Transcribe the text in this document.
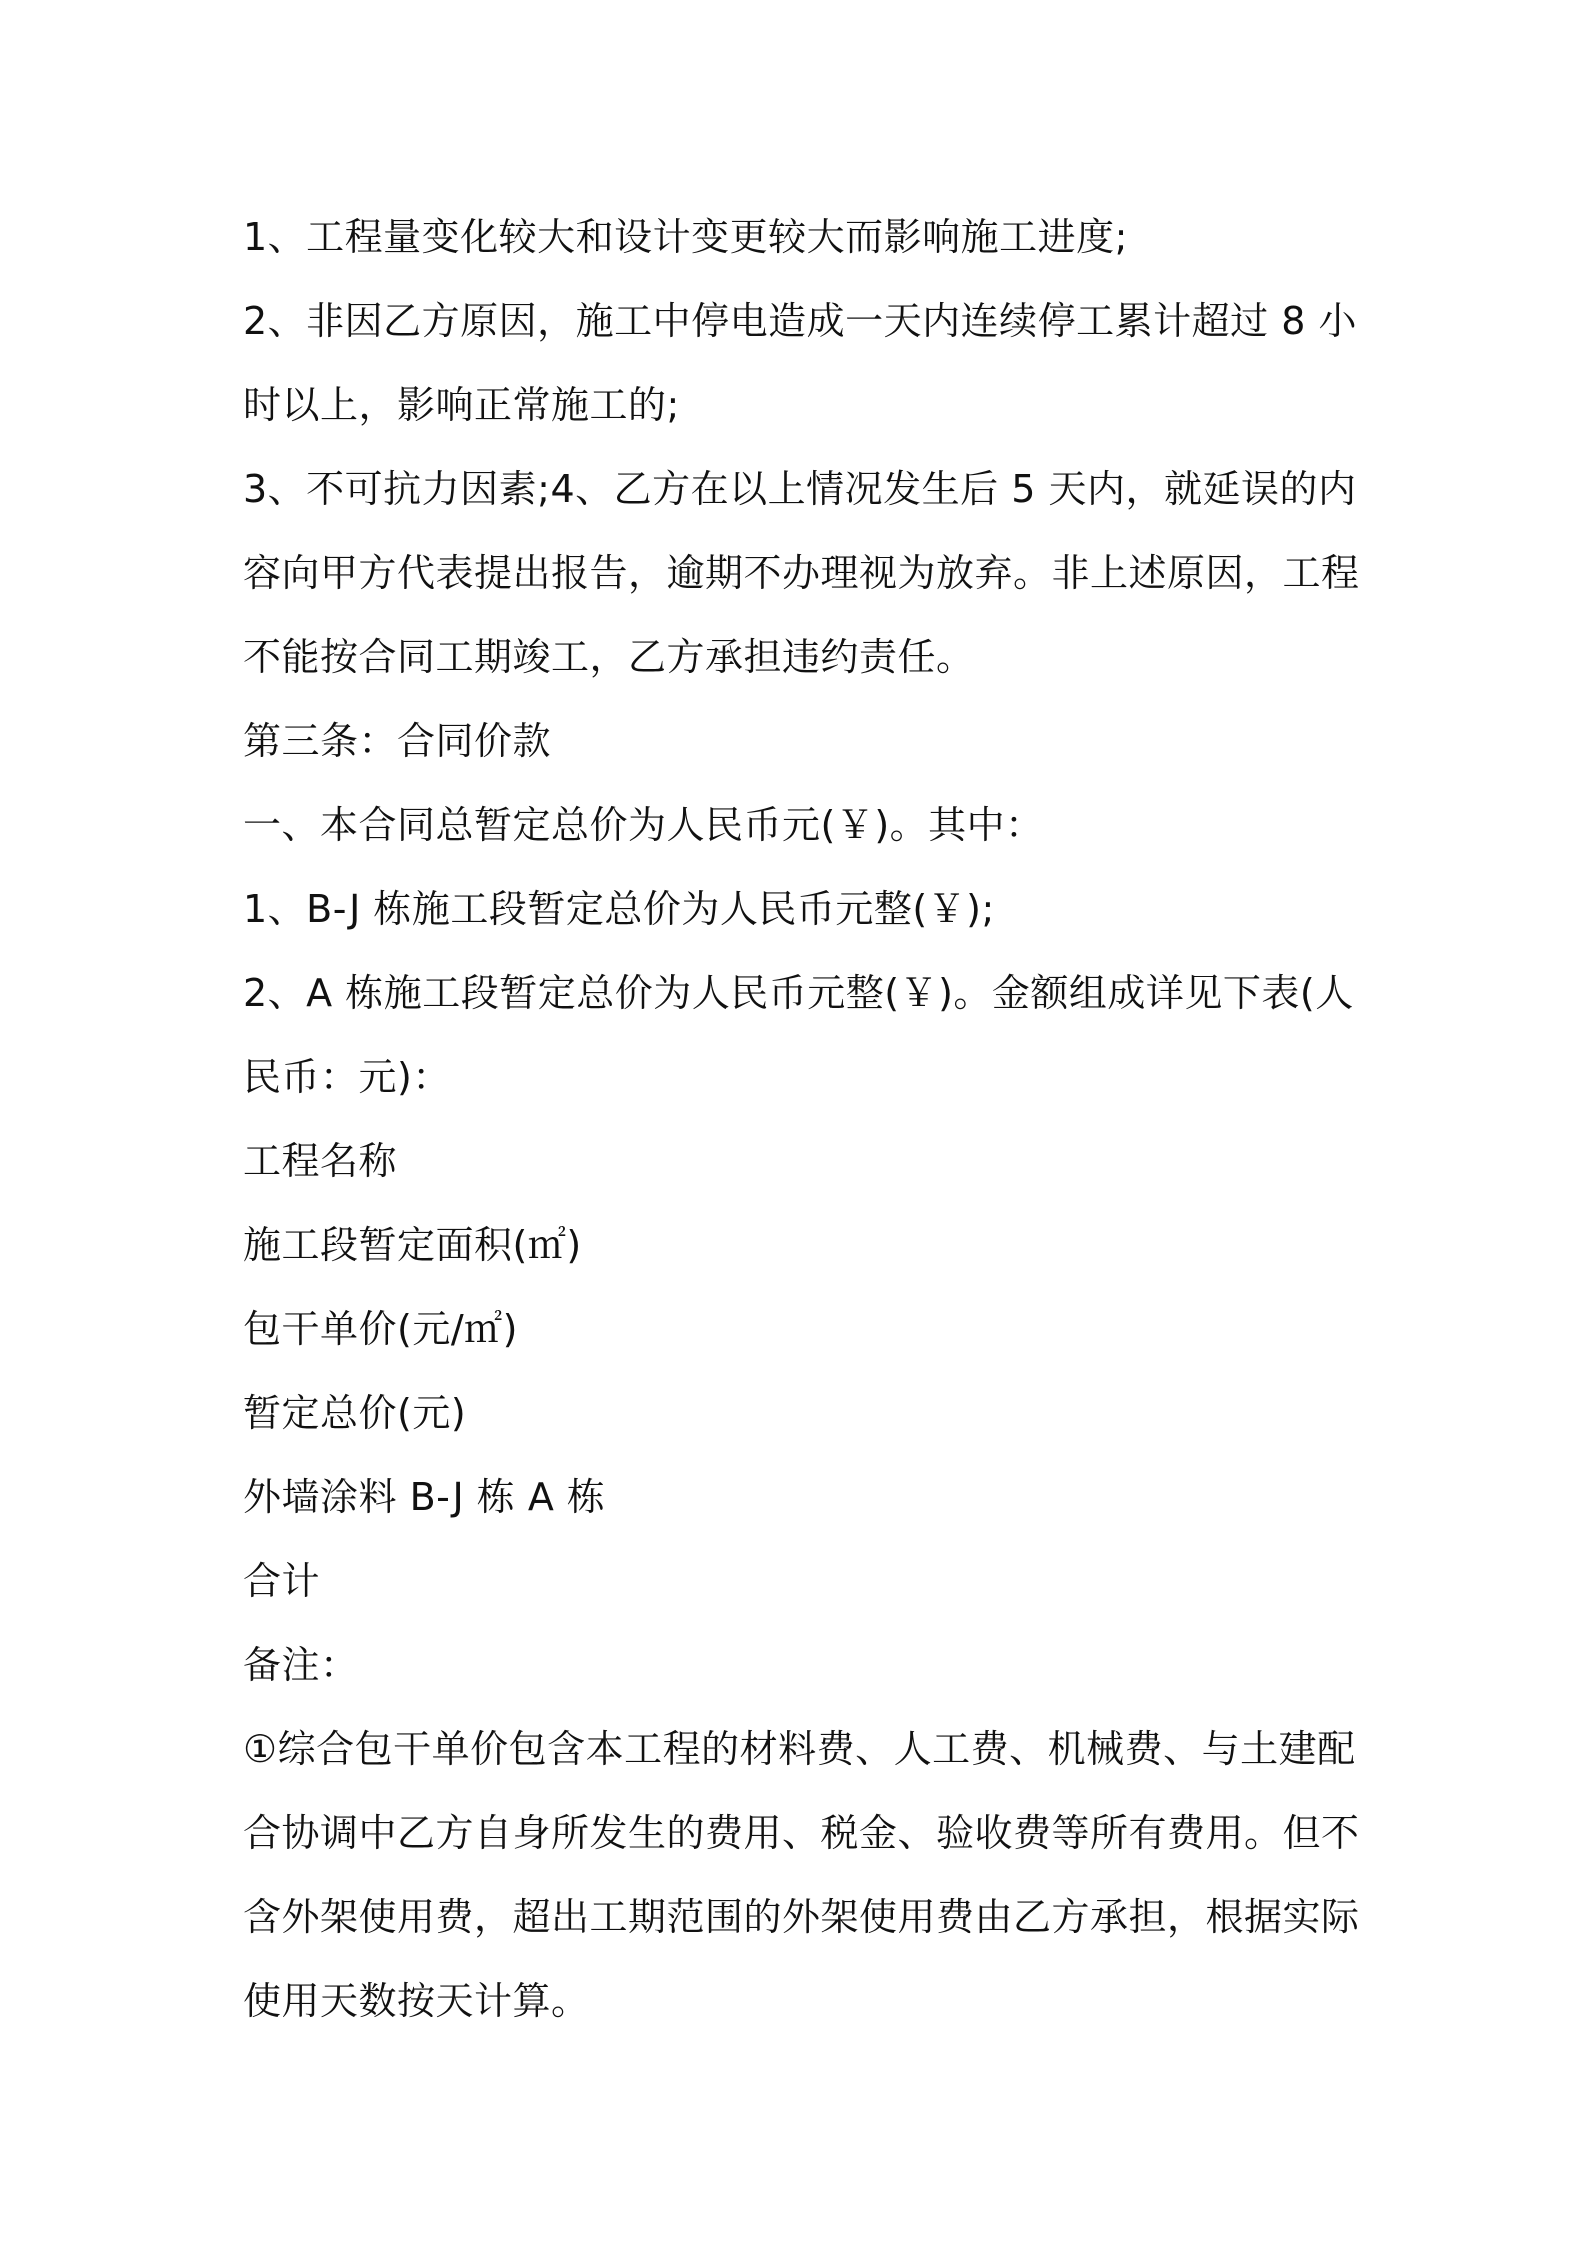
1、工程量变化较大和设计变更较大而影响施工进度;

2、非因乙方原因，施工中停电造成一天内连续停工累计超过 8 小时以上，影响正常施工的;

3、不可抗力因素;4、乙方在以上情况发生后 5 天内，就延误的内容向甲方代表提出报告，逾期不办理视为放弃。非上述原因，工程不能按合同工期竣工，乙方承担违约责任。

第三条：合同价款

一、本合同总暂定总价为人民币元(￥)。其中：

1、B-J 栋施工段暂定总价为人民币元整(￥);

2、A 栋施工段暂定总价为人民币元整(￥)。金额组成详见下表(人民币：元)：

工程名称

施工段暂定面积(㎡)

包干单价(元/㎡)

暂定总价(元)

外墙涂料 B-J 栋 A 栋

合计

备注：

①综合包干单价包含本工程的材料费、人工费、机械费、与土建配合协调中乙方自身所发生的费用、税金、验收费等所有费用。但不含外架使用费，超出工期范围的外架使用费由乙方承担，根据实际使用天数按天计算。
